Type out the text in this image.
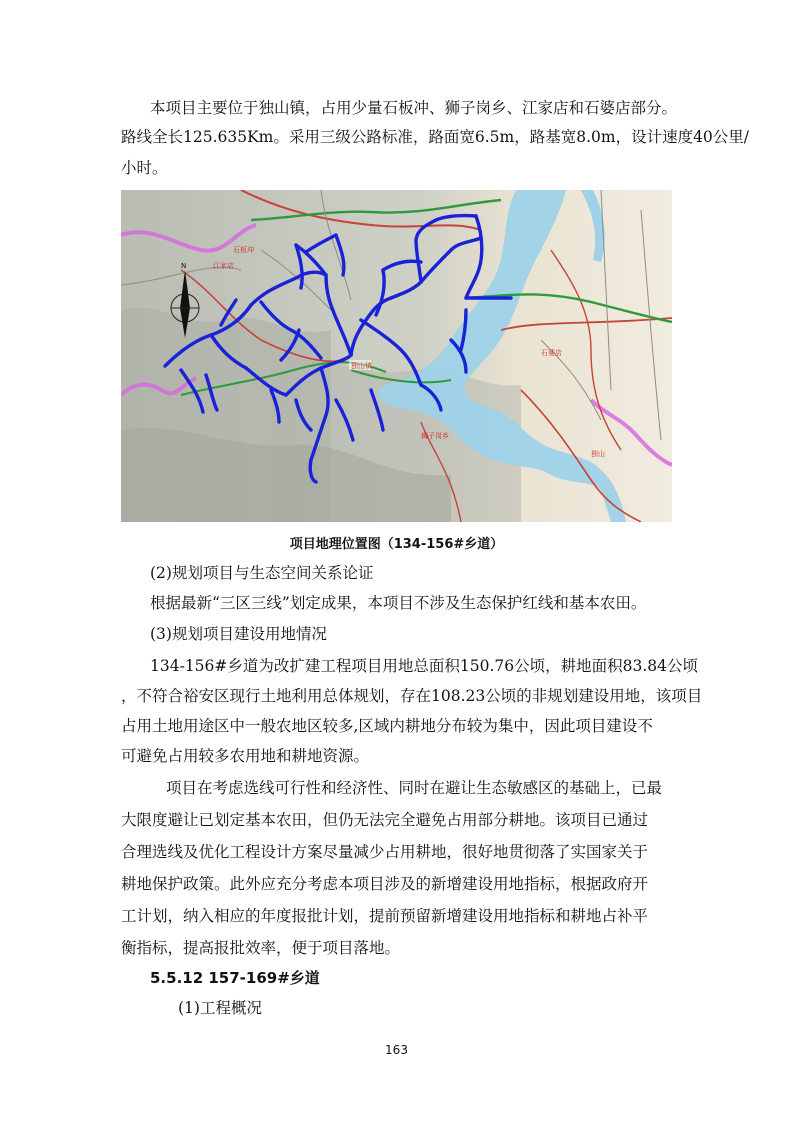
本项目主要位于独山镇，占用少量石板冲、狮子岗乡、江家店和石婆店部分。
路线全长125.635Km。采用三级公路标准，路面宽6.5m，路基宽8.0m，设计速度40公里/
小时。
独山镇
石婆店
狮子岗乡
石板冲
独山
江家店
N
项目地理位置图（134-156#乡道）
(2)规划项目与生态空间关系论证
根据最新“三区三线”划定成果，本项目不涉及生态保护红线和基本农田。
(3)规划项目建设用地情况
134-156#乡道为改扩建工程项目用地总面积150.76公顷，耕地面积83.84公顷
，不符合裕安区现行土地利用总体规划，存在108.23公顷的非规划建设用地，该项目
占用土地用途区中一般农地区较多,区域内耕地分布较为集中，因此项目建设不
可避免占用较多农用地和耕地资源。
项目在考虑选线可行性和经济性、同时在避让生态敏感区的基础上，已最
大限度避让已划定基本农田，但仍无法完全避免占用部分耕地。该项目已通过
合理选线及优化工程设计方案尽量减少占用耕地，很好地贯彻落了实国家关于
耕地保护政策。此外应充分考虑本项目涉及的新增建设用地指标，根据政府开
工计划，纳入相应的年度报批计划，提前预留新增建设用地指标和耕地占补平
衡指标，提高报批效率，便于项目落地。
5.5.12 157-169#乡道
(1)工程概况
163
